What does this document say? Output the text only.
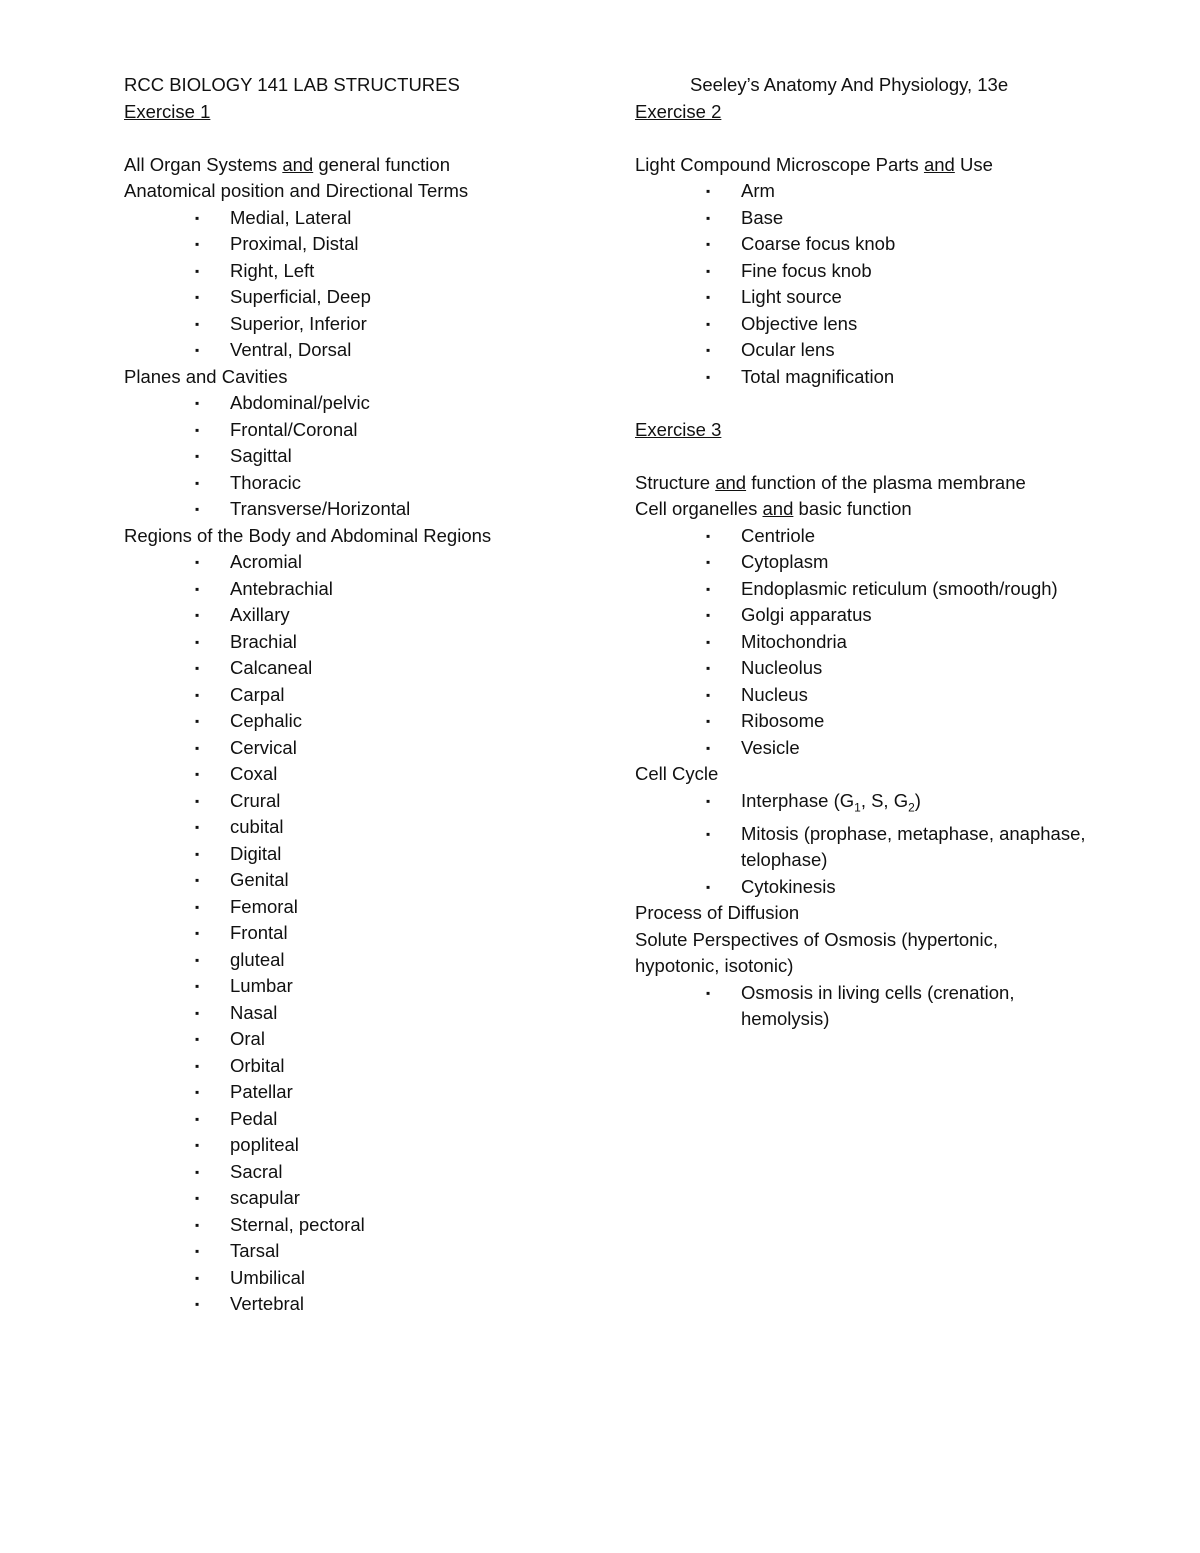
Seeley’s Anatomy And Physiology, 13e
RCC BIOLOGY 141 LAB STRUCTURES
Exercise 1
All Organ Systems and general function
Anatomical position and Directional Terms
▪ Medial, Lateral
▪ Proximal, Distal
▪ Right, Left
▪ Superficial, Deep
▪ Superior, Inferior
▪ Ventral, Dorsal
Planes and Cavities
▪ Abdominal/pelvic
▪ Frontal/Coronal
▪ Sagittal
▪ Thoracic
▪ Transverse/Horizontal
Regions of the Body and Abdominal Regions
▪ Acromial
▪ Antebrachial
▪ Axillary
▪ Brachial
▪ Calcaneal
▪ Carpal
▪ Cephalic
▪ Cervical
▪ Coxal
▪ Crural
▪ cubital
▪ Digital
▪ Genital
▪ Femoral
▪ Frontal
▪ gluteal
▪ Lumbar
▪ Nasal
▪ Oral
▪ Orbital
▪ Patellar
▪ Pedal
▪ popliteal
▪ Sacral
▪ scapular
▪ Sternal, pectoral
▪ Tarsal
▪ Umbilical
▪ Vertebral
Exercise 2
Light Compound Microscope Parts and Use
▪ Arm
▪ Base
▪ Coarse focus knob
▪ Fine focus knob
▪ Light source
▪ Objective lens
▪ Ocular lens
▪ Total magnification
Exercise 3
Structure and function of the plasma membrane
Cell organelles and basic function
▪ Centriole
▪ Cytoplasm
▪ Endoplasmic reticulum (smooth/rough)
▪ Golgi apparatus
▪ Mitochondria
▪ Nucleolus
▪ Nucleus
▪ Ribosome
▪ Vesicle
Cell Cycle
▪ Interphase ($G_1$, S, $G_2$)
▪ Mitosis (prophase, metaphase, anaphase, telophase)
▪ Cytokinesis
Process of Diffusion
Solute Perspectives of Osmosis (hypertonic, hypotonic, isotonic)
▪ Osmosis in living cells (crenation, hemolysis)
